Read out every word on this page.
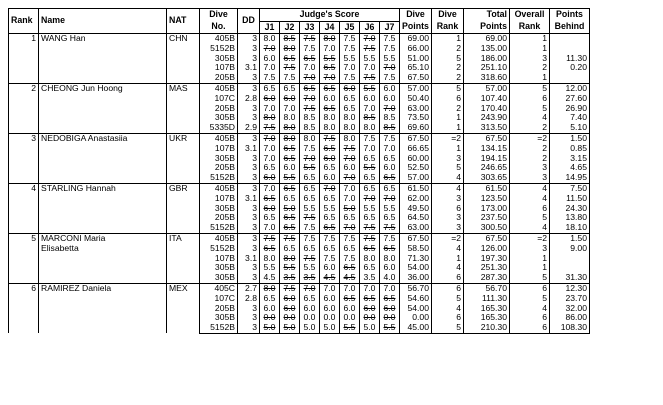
Rank	Name	NAT	Dive	DD	Judge's Score							Dive	Dive	Total	Overall	Points
			No.		J1	J2	J3	J4	J5	J6	J7	Points	Rank	Points	Rank	Behind
1	WANG Han	CHN	405B	3	8.0	8.5	7.5	8.0	7.5	7.0	7.5	69.00	1	69.00	1	
			5152B	3	7.0	8.0	7.5	7.0	7.5	7.5	7.5	66.00	2	135.00	1	
			305B	3	6.0	6.5	6.5	5.5	5.5	5.5	5.5	51.00	5	186.00	3	11.30
			107B	3.1	7.0	7.5	7.0	6.5	7.0	7.0	7.0	65.10	2	251.10	2	0.20
			205B	3	7.5	7.5	7.0	7.0	7.5	7.5	7.5	67.50	2	318.60	1	
2	CHEONG Jun Hoong	MAS	405B	3	6.5	6.5	6.5	6.5	6.0	5.5	6.0	57.00	5	57.00	5	12.00
			107C	2.8	6.0	6.0	7.0	6.0	6.5	6.0	6.0	50.40	6	107.40	6	27.60
			205B	3	7.0	7.0	7.5	6.5	6.5	7.0	7.0	63.00	2	170.40	5	26.90
			305B	3	8.0	8.0	8.5	8.0	8.0	8.5	8.5	73.50	1	243.90	4	7.40
			5335D	2.9	7.5	8.0	8.5	8.0	8.0	8.0	8.5	69.60	1	313.50	2	5.10
3	NEDOBIGA Anastasiia	UKR	405B	3	7.0	8.0	8.0	7.5	8.0	7.5	7.5	67.50	=2	67.50	=2	1.50
			107B	3.1	7.0	6.5	7.5	6.5	7.5	7.0	7.0	66.65	1	134.15	2	0.85
			305B	3	7.0	6.5	7.0	6.0	7.0	6.5	6.5	60.00	3	194.15	2	3.15
			205B	3	6.5	6.0	5.5	6.5	6.0	5.5	6.0	52.50	5	246.65	3	4.65
			5152B	3	6.0	5.5	6.5	6.0	7.0	6.5	6.5	57.00	4	303.65	3	14.95
4	STARLING Hannah	GBR	405B	3	7.0	6.5	6.5	7.0	7.0	6.5	6.5	61.50	4	61.50	4	7.50
			107B	3.1	6.5	6.5	6.5	6.5	7.0	7.0	7.0	62.00	3	123.50	4	11.50
			305B	3	6.0	5.0	5.5	5.5	5.0	5.5	5.5	49.50	6	173.00	6	24.30
			205B	3	6.5	6.5	7.5	6.5	6.5	6.5	6.5	64.50	3	237.50	5	13.80
			5152B	3	7.0	6.5	7.5	6.5	7.0	7.5	7.5	63.00	3	300.50	4	18.10
5	MARCONI Maria
Elisabetta	ITA	405B	3	7.5	7.5	7.5	7.5	7.5	7.5	7.5	67.50	=2	67.50	=2	1.50
			5152B	3	6.5	6.5	6.5	6.5	6.5	6.5	6.5	58.50	4	126.00	3	9.00
			107B	3.1	8.0	8.0	7.5	7.5	7.5	8.0	8.0	71.30	1	197.30	1	
			305B	3	5.5	5.5	5.5	6.0	6.5	6.5	6.0	54.00	4	251.30	1	
			305B	3	4.5	3.5	3.5	4.5	4.5	3.5	4.0	36.00	6	287.30	5	31.30
6	RAMIREZ Daniela	MEX	405C	2.7	8.0	7.5	7.0	7.0	7.0	7.0	7.0	56.70	6	56.70	6	12.30
			107C	2.8	6.5	6.0	6.5	6.0	6.5	6.5	6.5	54.60	5	111.30	5	23.70
			205B	3	6.0	6.0	6.0	6.0	6.0	6.0	6.0	54.00	4	165.30	4	32.00
			305B	3	0.0	0.0	0.0	0.0	0.0	0.0	0.0	0.00	6	165.30	6	86.00
			5152B	3	5.0	5.0	5.0	5.0	5.5	5.0	5.5	45.00	5	210.30	6	108.30
